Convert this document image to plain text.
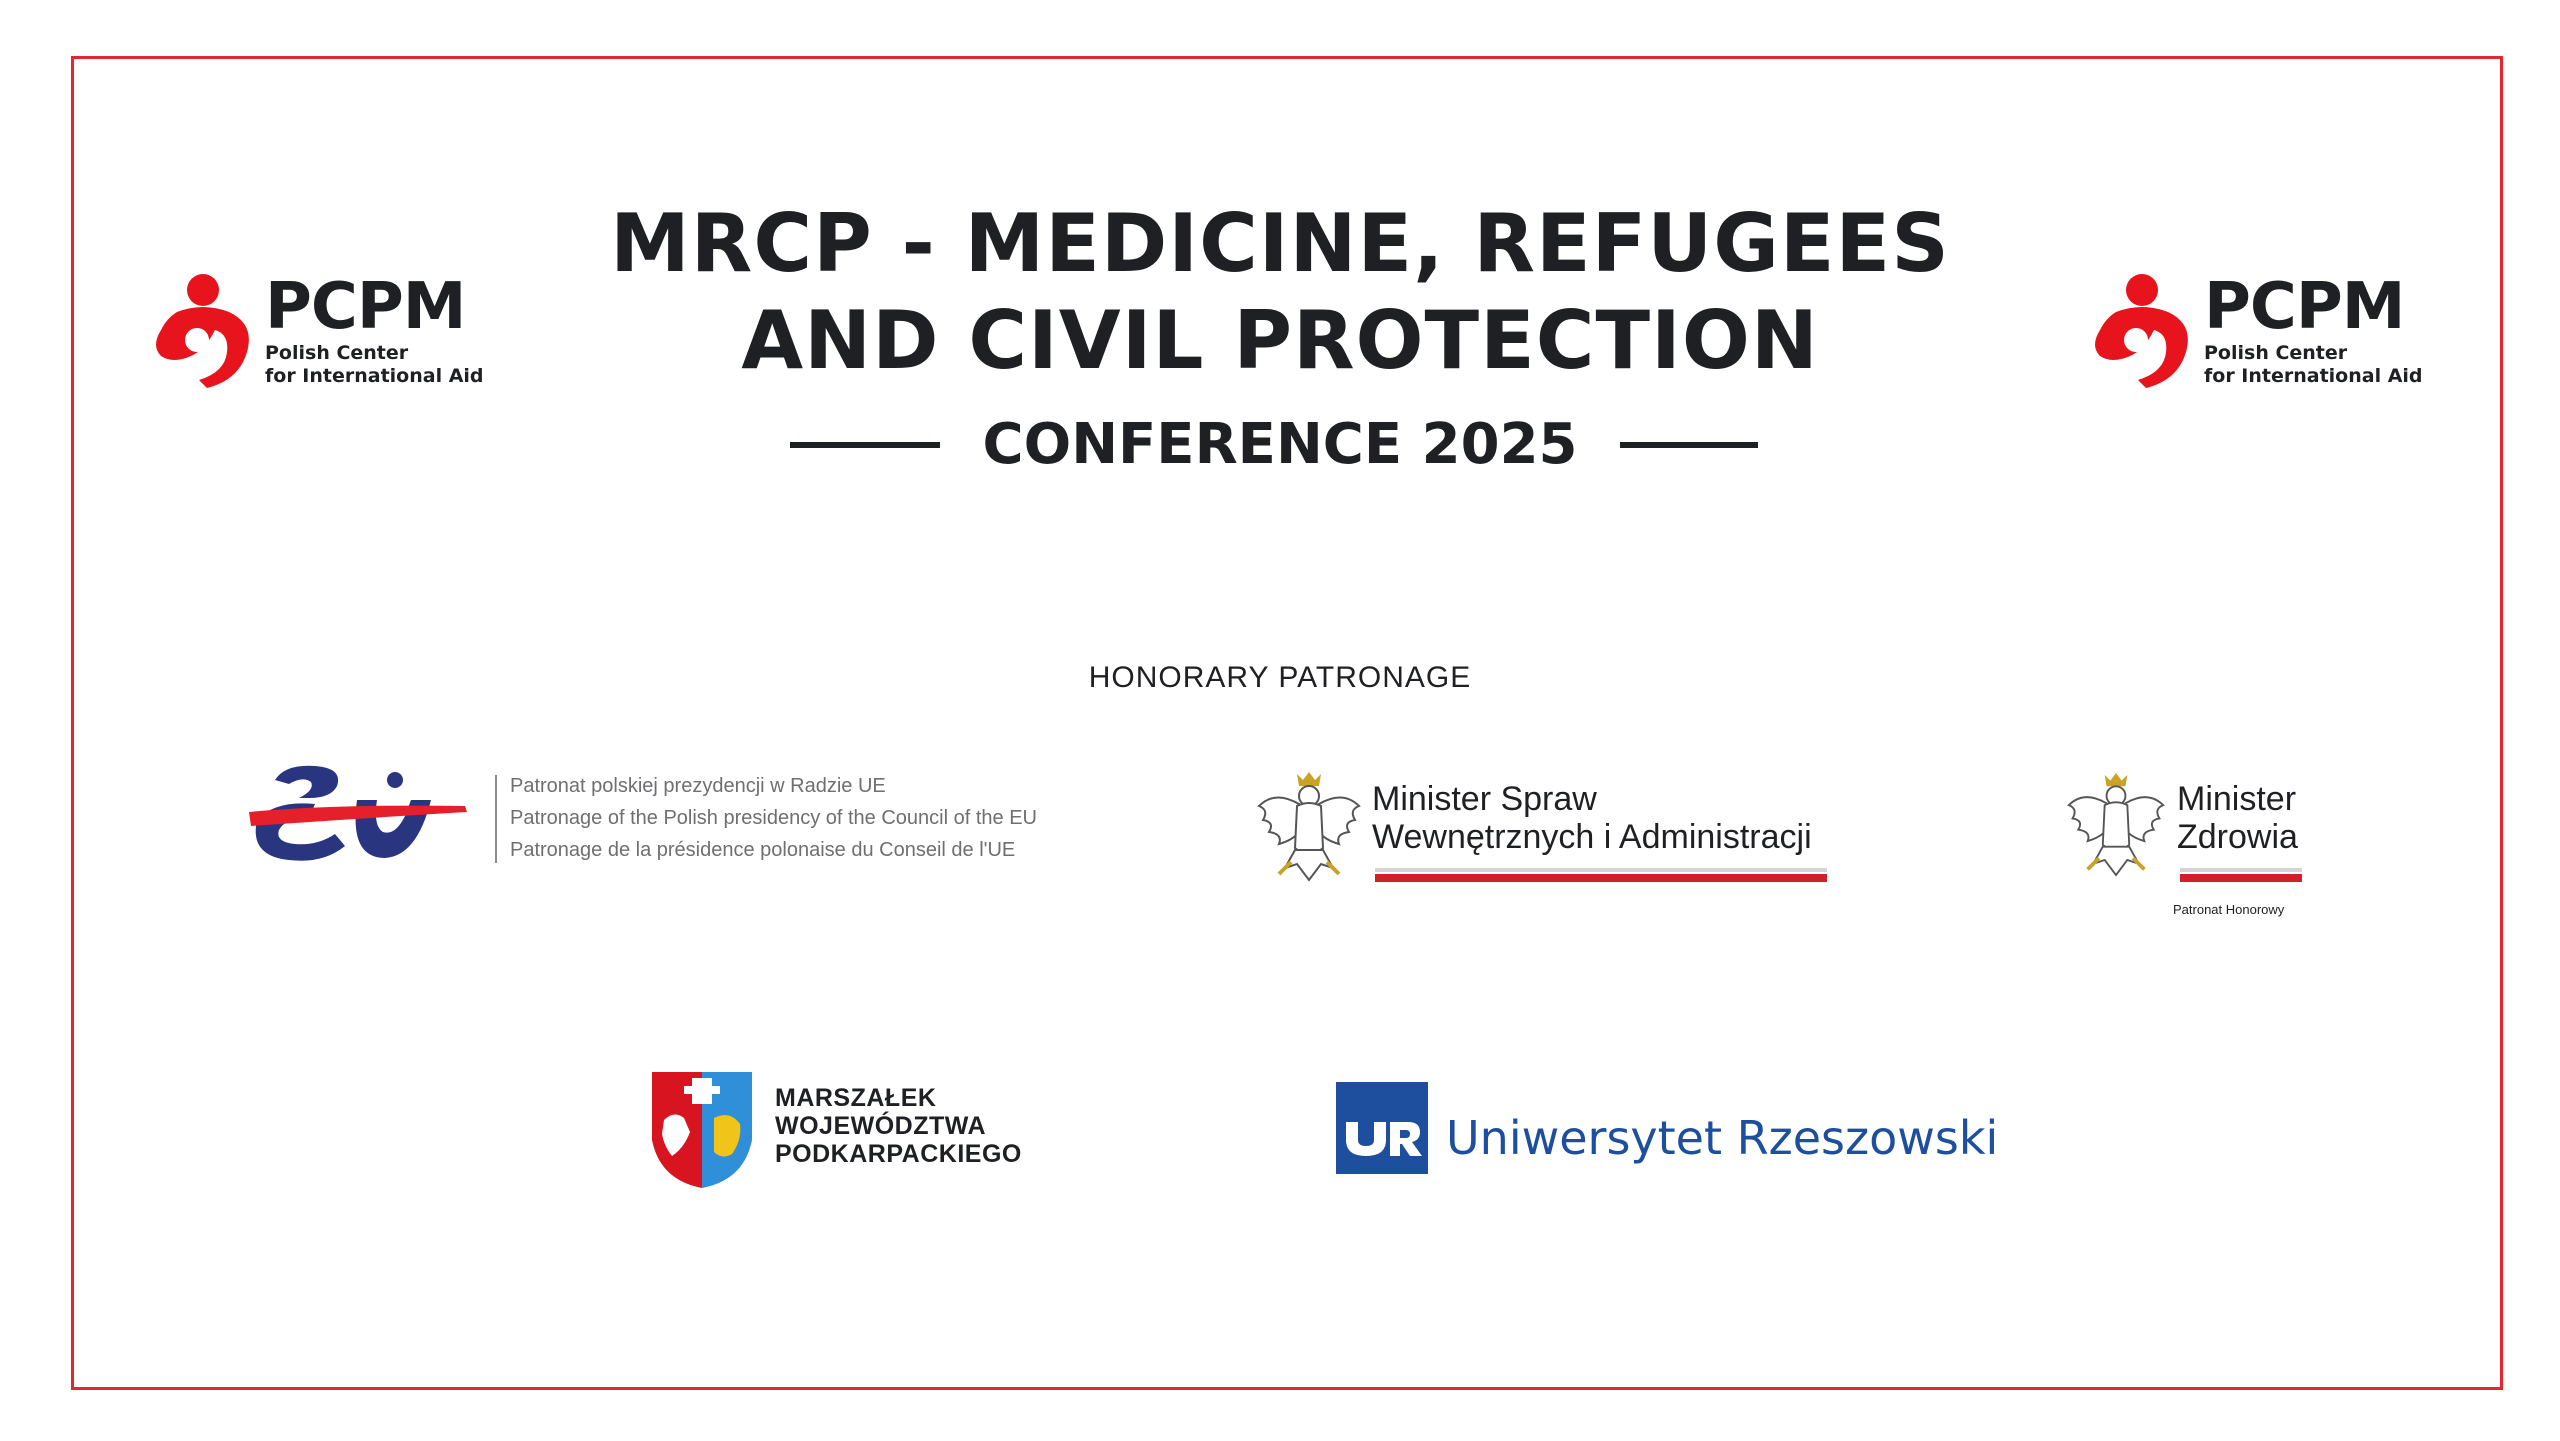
PCPM
Polish Center
for International Aid
PCPM
Polish Center
for International Aid
MRCP - MEDICINE, REFUGEES
AND CIVIL PROTECTION
CONFERENCE 2025
HONORARY PATRONAGE
Patronat polskiej prezydencji w Radzie UE
Patronage of the Polish presidency of the Council of the EU
Patronage de la présidence polonaise du Conseil de l'UE
Minister Spraw
Wewnętrznych i Administracji
Minister
Zdrowia
Patronat Honorowy
MARSZAŁEK
WOJEWÓDZTWA
PODKARPACKIEGO	Uniwersytet Rzeszowski
